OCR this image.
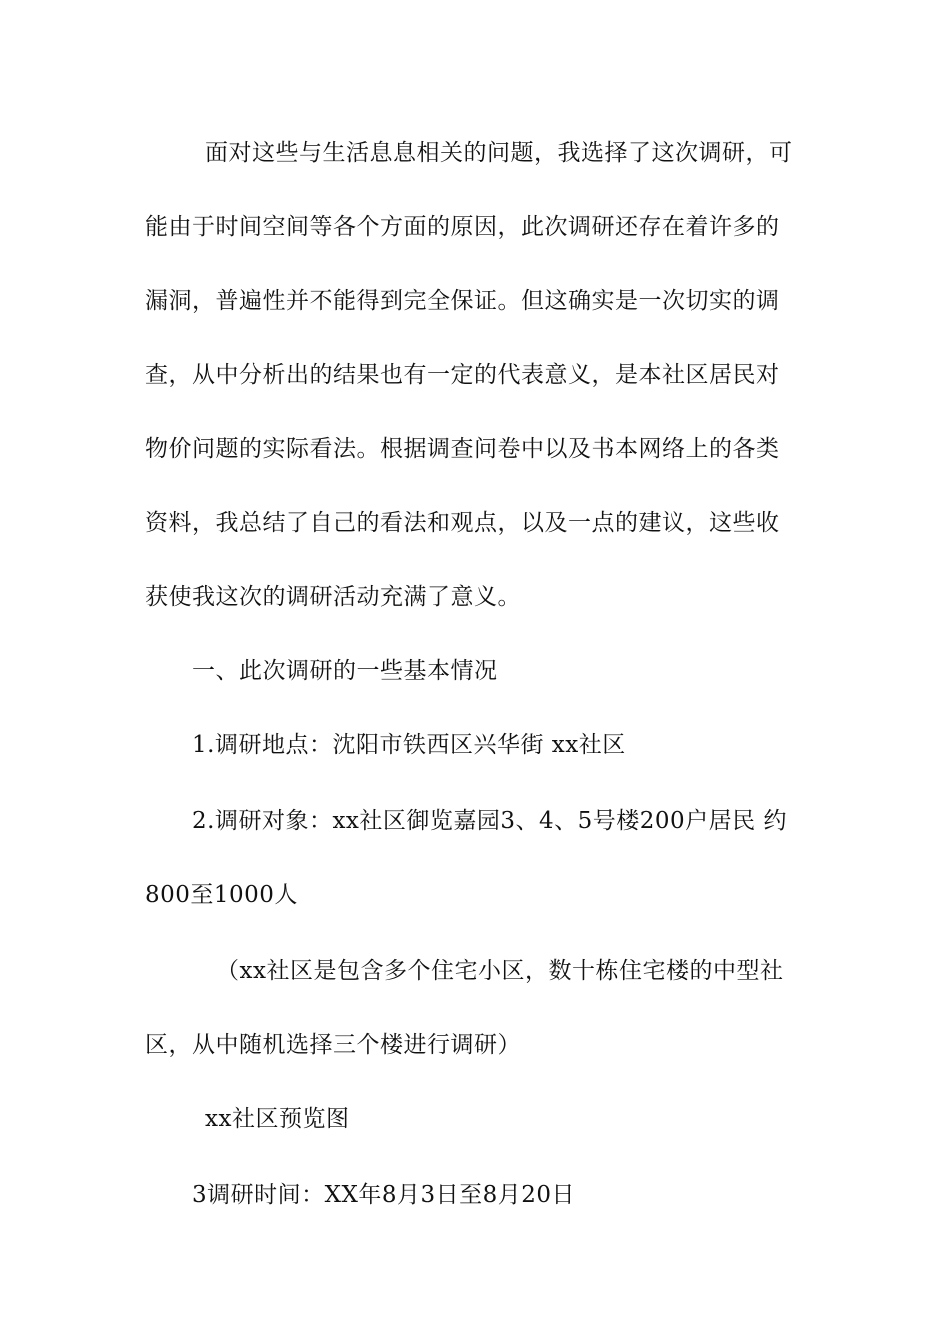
面对这些与生活息息相关的问题，我选择了这次调研，可
能由于时间空间等各个方面的原因，此次调研还存在着许多的
漏洞，普遍性并不能得到完全保证。但这确实是一次切实的调
查，从中分析出的结果也有一定的代表意义，是本社区居民对
物价问题的实际看法。根据调查问卷中以及书本网络上的各类
资料，我总结了自己的看法和观点，以及一点的建议，这些收
获使我这次的调研活动充满了意义。
一、此次调研的一些基本情况
1.调研地点：沈阳市铁西区兴华街 xx社区
2.调研对象：xx社区御览嘉园3、4、5号楼200户居民 约
800至1000人
（xx社区是包含多个住宅小区，数十栋住宅楼的中型社
区，从中随机选择三个楼进行调研）
xx社区预览图
3调研时间：XX年8月3日至8月20日
